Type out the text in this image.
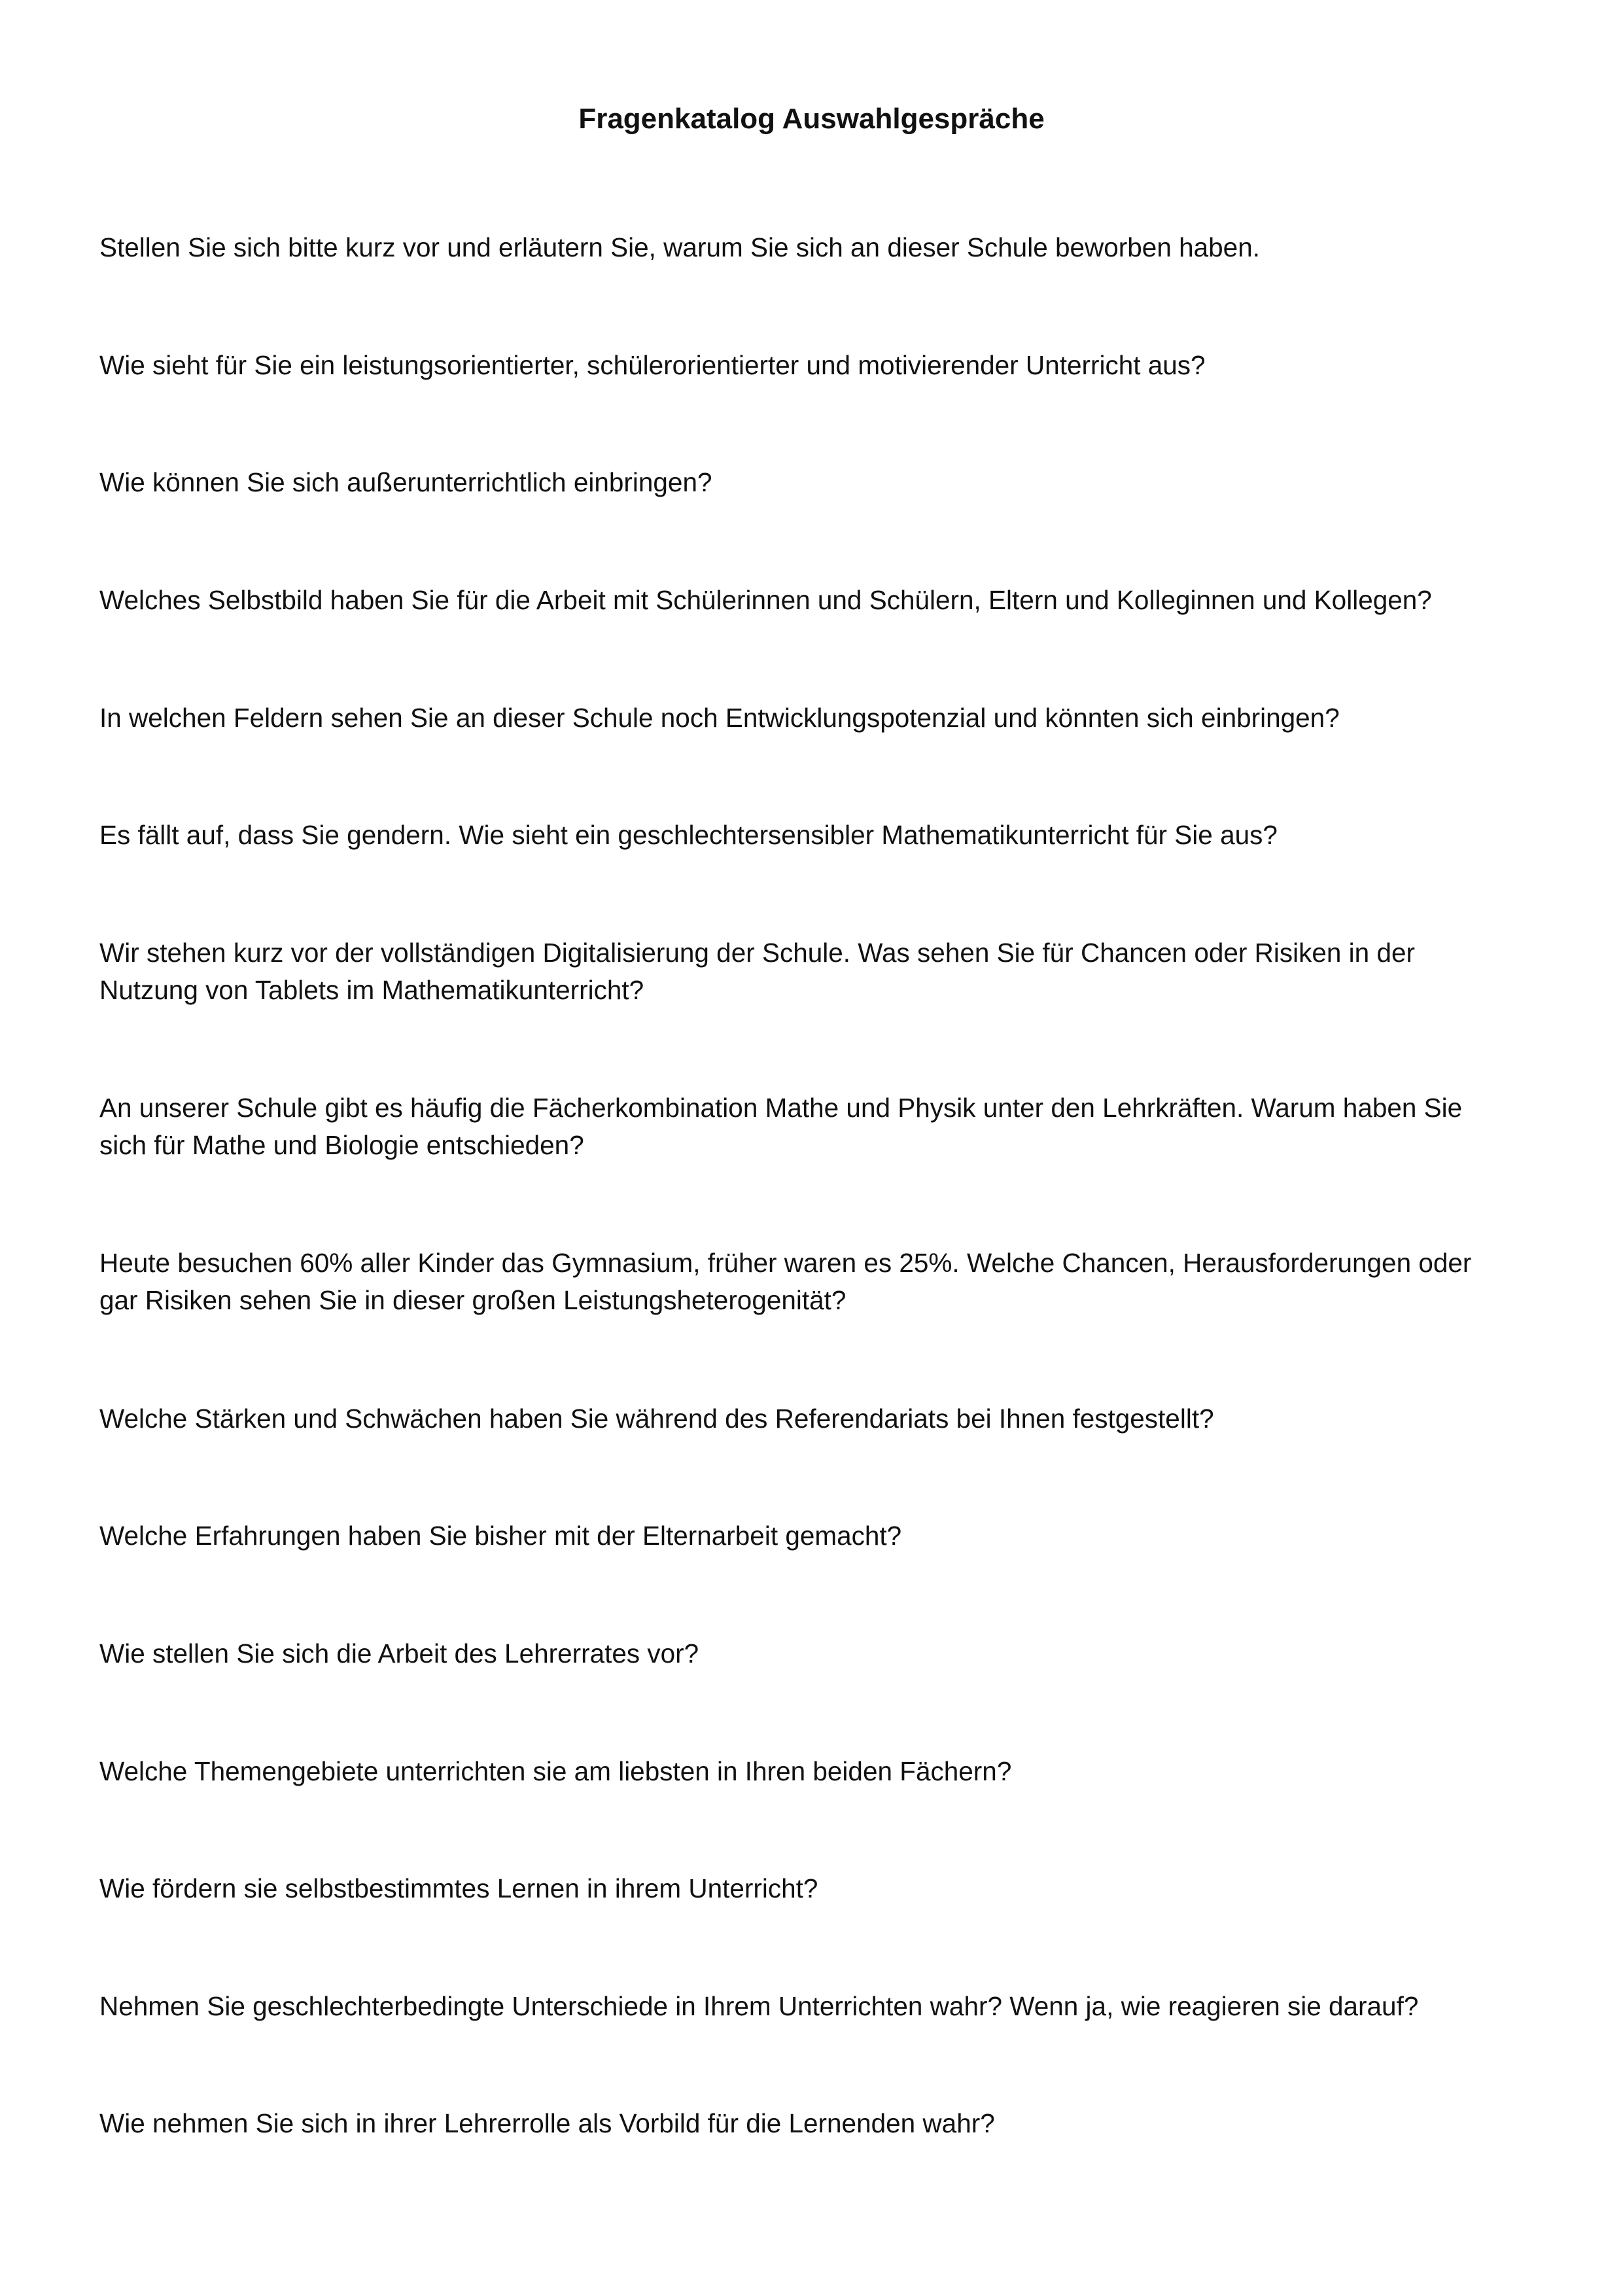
Fragenkatalog Auswahlgespräche

Stellen Sie sich bitte kurz vor und erläutern Sie, warum Sie sich an dieser Schule beworben haben.

Wie sieht für Sie ein leistungsorientierter, schülerorientierter und motivierender Unterricht aus?

Wie können Sie sich außerunterrichtlich einbringen?

Welches Selbstbild haben Sie für die Arbeit mit Schülerinnen und Schülern, Eltern und Kolleginnen und Kollegen?

In welchen Feldern sehen Sie an dieser Schule noch Entwicklungspotenzial und könnten sich einbringen?

Es fällt auf, dass Sie gendern. Wie sieht ein geschlechtersensibler Mathematikunterricht für Sie aus?

Wir stehen kurz vor der vollständigen Digitalisierung der Schule. Was sehen Sie für Chancen oder Risiken in der
Nutzung von Tablets im Mathematikunterricht?

An unserer Schule gibt es häufig die Fächerkombination Mathe und Physik unter den Lehrkräften. Warum haben Sie
sich für Mathe und Biologie entschieden?

Heute besuchen 60% aller Kinder das Gymnasium, früher waren es 25%. Welche Chancen, Herausforderungen oder
gar Risiken sehen Sie in dieser großen Leistungsheterogenität?

Welche Stärken und Schwächen haben Sie während des Referendariats bei Ihnen festgestellt?

Welche Erfahrungen haben Sie bisher mit der Elternarbeit gemacht?

Wie stellen Sie sich die Arbeit des Lehrerrates vor?

Welche Themengebiete unterrichten sie am liebsten in Ihren beiden Fächern?

Wie fördern sie selbstbestimmtes Lernen in ihrem Unterricht?

Nehmen Sie geschlechterbedingte Unterschiede in Ihrem Unterrichten wahr? Wenn ja, wie reagieren sie darauf?

Wie nehmen Sie sich in ihrer Lehrerrolle als Vorbild für die Lernenden wahr?
